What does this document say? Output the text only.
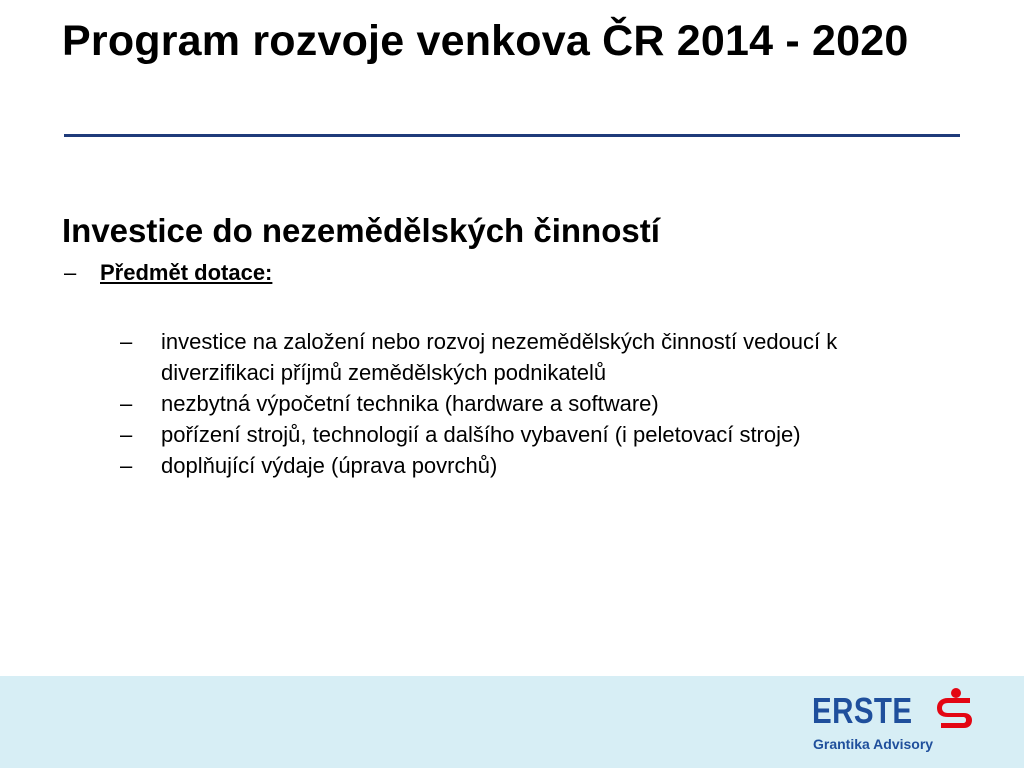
Program rozvoje venkova ČR 2014 - 2020
Investice do nezemědělských činností
– Předmět dotace:
– investice na založení nebo rozvoj nezemědělských činností vedoucí k diverzifikaci příjmů zemědělských podnikatelů
– nezbytná výpočetní technika (hardware a software)
– pořízení strojů, technologií a dalšího vybavení (i peletovací stroje)
– doplňující výdaje (úprava povrchů)
ERSTE
Grantika Advisory
